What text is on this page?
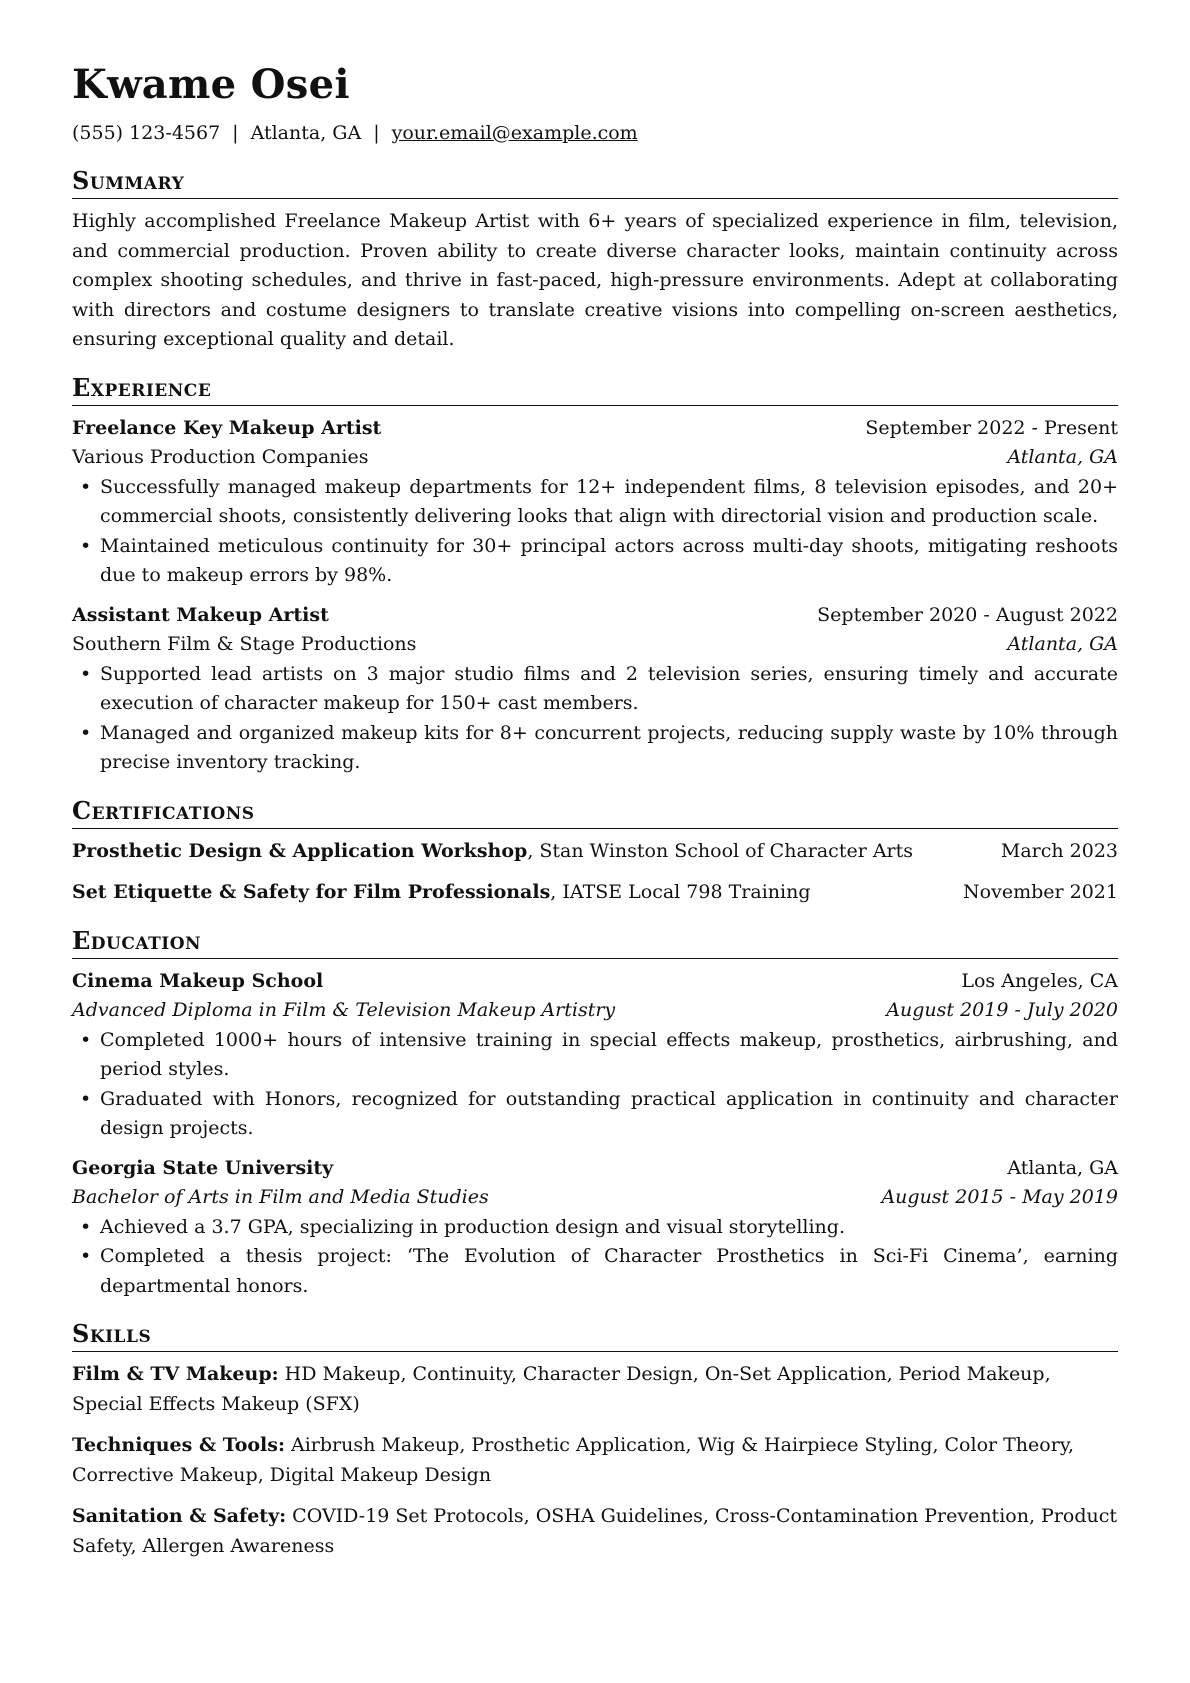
Kwame Osei
(555) 123-4567 | Atlanta, GA | your.email@example.com
Summary
Highly accomplished Freelance Makeup Artist with 6+ years of specialized experience in film, television, and commercial production. Proven ability to create diverse character looks, maintain continuity across complex shooting schedules, and thrive in fast-paced, high-pressure environments. Adept at collaborating with directors and costume designers to translate creative visions into compelling on-screen aesthetics, ensuring exceptional quality and detail.
Experience
Freelance Key Makeup Artist	September 2022 - Present
Various Production Companies	Atlanta, GA
• Successfully managed makeup departments for 12+ independent films, 8 television episodes, and 20+ commercial shoots, consistently delivering looks that align with directorial vision and production scale.
• Maintained meticulous continuity for 30+ principal actors across multi-day shoots, mitigating reshoots due to makeup errors by 98%.
Assistant Makeup Artist	September 2020 - August 2022
Southern Film & Stage Productions	Atlanta, GA
• Supported lead artists on 3 major studio films and 2 television series, ensuring timely and accurate execution of character makeup for 150+ cast members.
• Managed and organized makeup kits for 8+ concurrent projects, reducing supply waste by 10% through precise inventory tracking.
Certifications
Prosthetic Design & Application Workshop, Stan Winston School of Character Arts	March 2023
Set Etiquette & Safety for Film Professionals, IATSE Local 798 Training	November 2021
Education
Cinema Makeup School	Los Angeles, CA
Advanced Diploma in Film & Television Makeup Artistry	August 2019 - July 2020
• Completed 1000+ hours of intensive training in special effects makeup, prosthetics, airbrushing, and period styles.
• Graduated with Honors, recognized for outstanding practical application in continuity and character design projects.
Georgia State University	Atlanta, GA
Bachelor of Arts in Film and Media Studies	August 2015 - May 2019
• Achieved a 3.7 GPA, specializing in production design and visual storytelling.
• Completed a thesis project: ‘The Evolution of Character Prosthetics in Sci-Fi Cinema’, earning departmental honors.
Skills
Film & TV Makeup: HD Makeup, Continuity, Character Design, On-Set Application, Period Makeup, Special Effects Makeup (SFX)
Techniques & Tools: Airbrush Makeup, Prosthetic Application, Wig & Hairpiece Styling, Color Theory, Corrective Makeup, Digital Makeup Design
Sanitation & Safety: COVID-19 Set Protocols, OSHA Guidelines, Cross-Contamination Prevention, Product Safety, Allergen Awareness
